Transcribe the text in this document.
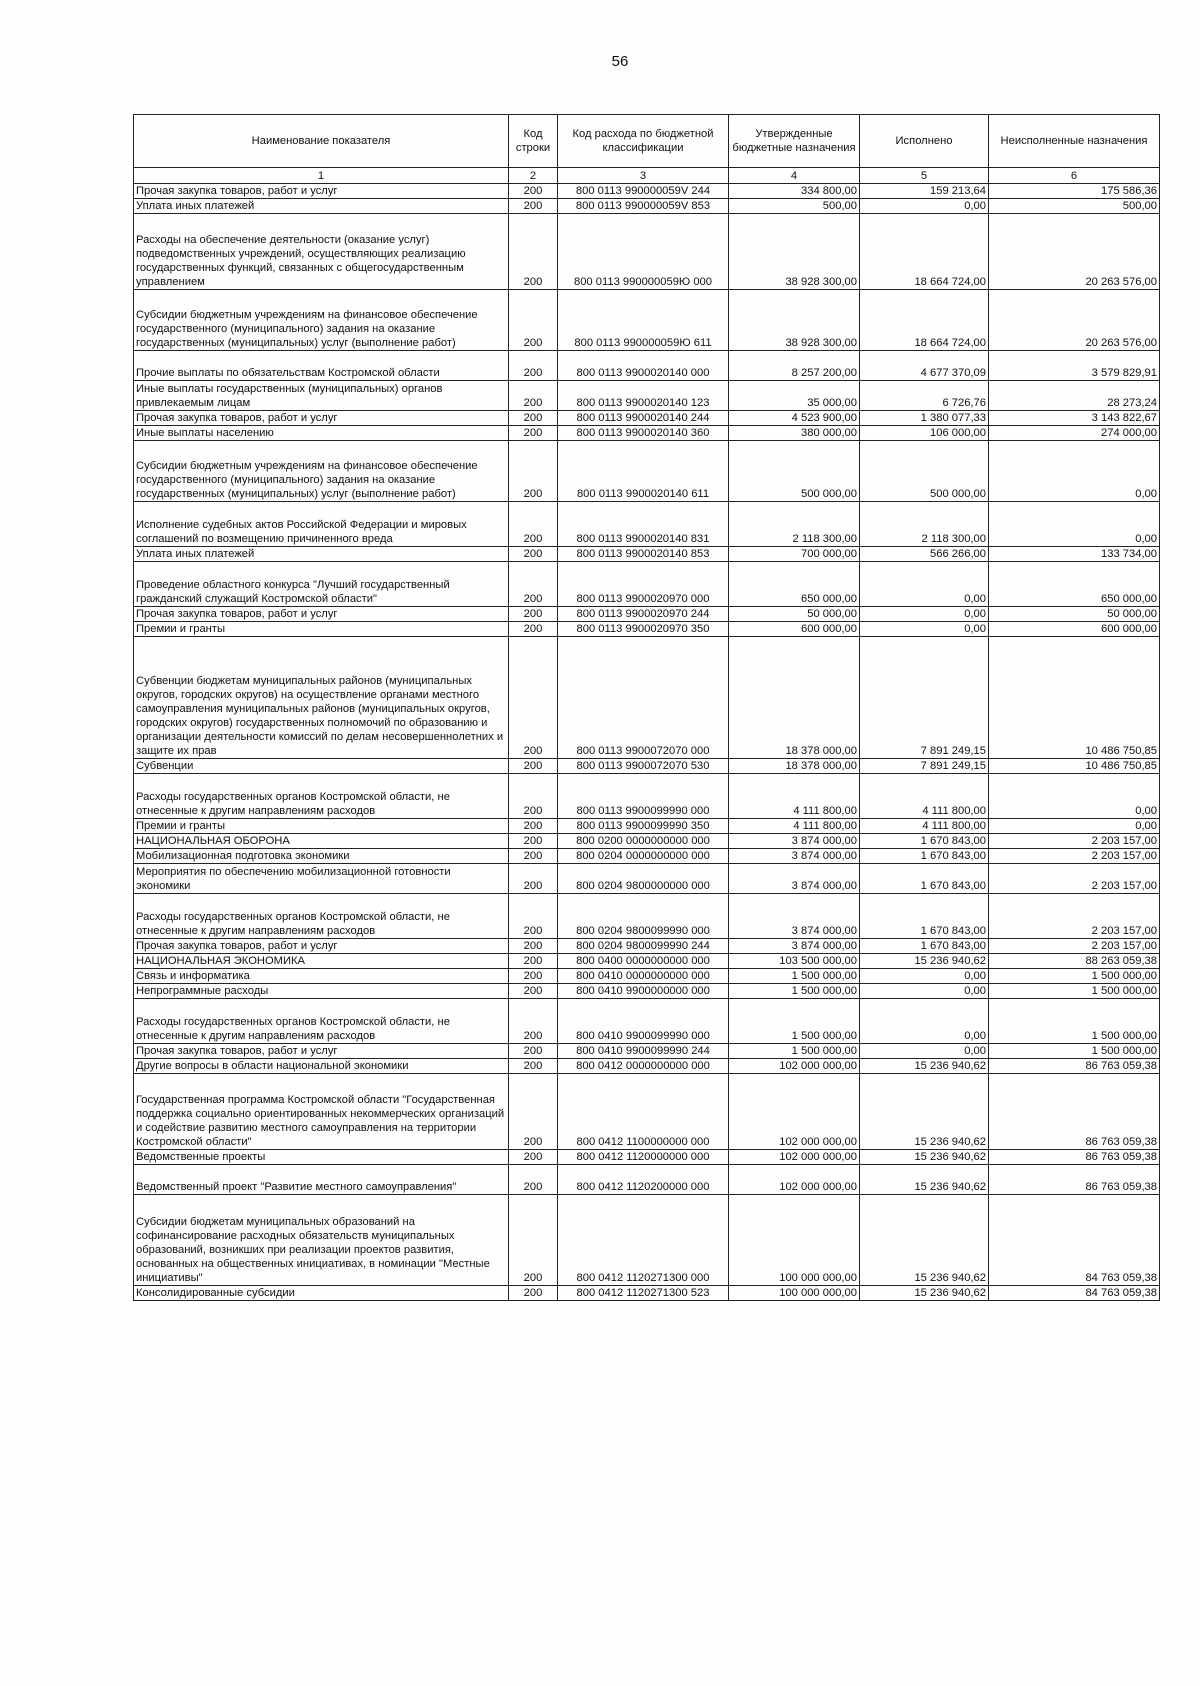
56
Наименование показателя	Код строки	Код расхода по бюджетной классификации	Утвержденные бюджетные назначения	Исполнено	Неисполненные назначения
1	2	3	4	5	6
Прочая закупка товаров, работ и услуг	200	800 0113 990000059V 244	334 800,00	159 213,64	175 586,36
Уплата иных платежей	200	800 0113 990000059V 853	500,00	0,00	500,00
Расходы на обеспечение деятельности (оказание услуг) подведомственных учреждений, осуществляющих реализацию государственных функций, связанных с общегосударственным управлением	200	800 0113 990000059Ю 000	38 928 300,00	18 664 724,00	20 263 576,00
Субсидии бюджетным учреждениям на финансовое обеспечение государственного (муниципального) задания на оказание государственных (муниципальных) услуг (выполнение работ)	200	800 0113 990000059Ю 611	38 928 300,00	18 664 724,00	20 263 576,00
Прочие выплаты по обязательствам Костромской области	200	800 0113 9900020140 000	8 257 200,00	4 677 370,09	3 579 829,91
Иные выплаты государственных (муниципальных) органов привлекаемым лицам	200	800 0113 9900020140 123	35 000,00	6 726,76	28 273,24
Прочая закупка товаров, работ и услуг	200	800 0113 9900020140 244	4 523 900,00	1 380 077,33	3 143 822,67
Иные выплаты населению	200	800 0113 9900020140 360	380 000,00	106 000,00	274 000,00
Субсидии бюджетным учреждениям на финансовое обеспечение государственного (муниципального) задания на оказание государственных (муниципальных) услуг (выполнение работ)	200	800 0113 9900020140 611	500 000,00	500 000,00	0,00
Исполнение судебных актов Российской Федерации и мировых соглашений по возмещению причиненного вреда	200	800 0113 9900020140 831	2 118 300,00	2 118 300,00	0,00
Уплата иных платежей	200	800 0113 9900020140 853	700 000,00	566 266,00	133 734,00
Проведение областного конкурса "Лучший государственный гражданский служащий Костромской области"	200	800 0113 9900020970 000	650 000,00	0,00	650 000,00
Прочая закупка товаров, работ и услуг	200	800 0113 9900020970 244	50 000,00	0,00	50 000,00
Премии и гранты	200	800 0113 9900020970 350	600 000,00	0,00	600 000,00
Субвенции бюджетам муниципальных районов (муниципальных округов, городских округов) на осуществление органами местного самоуправления муниципальных районов (муниципальных округов, городских округов) государственных полномочий по образованию и организации деятельности комиссий по делам несовершеннолетних и защите их прав	200	800 0113 9900072070 000	18 378 000,00	7 891 249,15	10 486 750,85
Субвенции	200	800 0113 9900072070 530	18 378 000,00	7 891 249,15	10 486 750,85
Расходы государственных органов Костромской области, не отнесенные к другим направлениям расходов	200	800 0113 9900099990 000	4 111 800,00	4 111 800,00	0,00
Премии и гранты	200	800 0113 9900099990 350	4 111 800,00	4 111 800,00	0,00
НАЦИОНАЛЬНАЯ ОБОРОНА	200	800 0200 0000000000 000	3 874 000,00	1 670 843,00	2 203 157,00
Мобилизационная подготовка экономики	200	800 0204 0000000000 000	3 874 000,00	1 670 843,00	2 203 157,00
Мероприятия по обеспечению мобилизационной готовности экономики	200	800 0204 9800000000 000	3 874 000,00	1 670 843,00	2 203 157,00
Расходы государственных органов Костромской области, не отнесенные к другим направлениям расходов	200	800 0204 9800099990 000	3 874 000,00	1 670 843,00	2 203 157,00
Прочая закупка товаров, работ и услуг	200	800 0204 9800099990 244	3 874 000,00	1 670 843,00	2 203 157,00
НАЦИОНАЛЬНАЯ ЭКОНОМИКА	200	800 0400 0000000000 000	103 500 000,00	15 236 940,62	88 263 059,38
Связь и информатика	200	800 0410 0000000000 000	1 500 000,00	0,00	1 500 000,00
Непрограммные расходы	200	800 0410 9900000000 000	1 500 000,00	0,00	1 500 000,00
Расходы государственных органов Костромской области, не отнесенные к другим направлениям расходов	200	800 0410 9900099990 000	1 500 000,00	0,00	1 500 000,00
Прочая закупка товаров, работ и услуг	200	800 0410 9900099990 244	1 500 000,00	0,00	1 500 000,00
Другие вопросы в области национальной экономики	200	800 0412 0000000000 000	102 000 000,00	15 236 940,62	86 763 059,38
Государственная программа Костромской области "Государственная поддержка социально ориентированных некоммерческих организаций и содействие развитию местного самоуправления на территории Костромской области"	200	800 0412 1100000000 000	102 000 000,00	15 236 940,62	86 763 059,38
Ведомственные проекты	200	800 0412 1120000000 000	102 000 000,00	15 236 940,62	86 763 059,38
Ведомственный проект "Развитие местного самоуправления"	200	800 0412 1120200000 000	102 000 000,00	15 236 940,62	86 763 059,38
Субсидии бюджетам муниципальных образований на софинансирование расходных обязательств муниципальных образований, возникших при реализации проектов развития, основанных на общественных инициативах, в номинации "Местные инициативы"	200	800 0412 1120271300 000	100 000 000,00	15 236 940,62	84 763 059,38
Консолидированные субсидии	200	800 0412 1120271300 523	100 000 000,00	15 236 940,62	84 763 059,38
